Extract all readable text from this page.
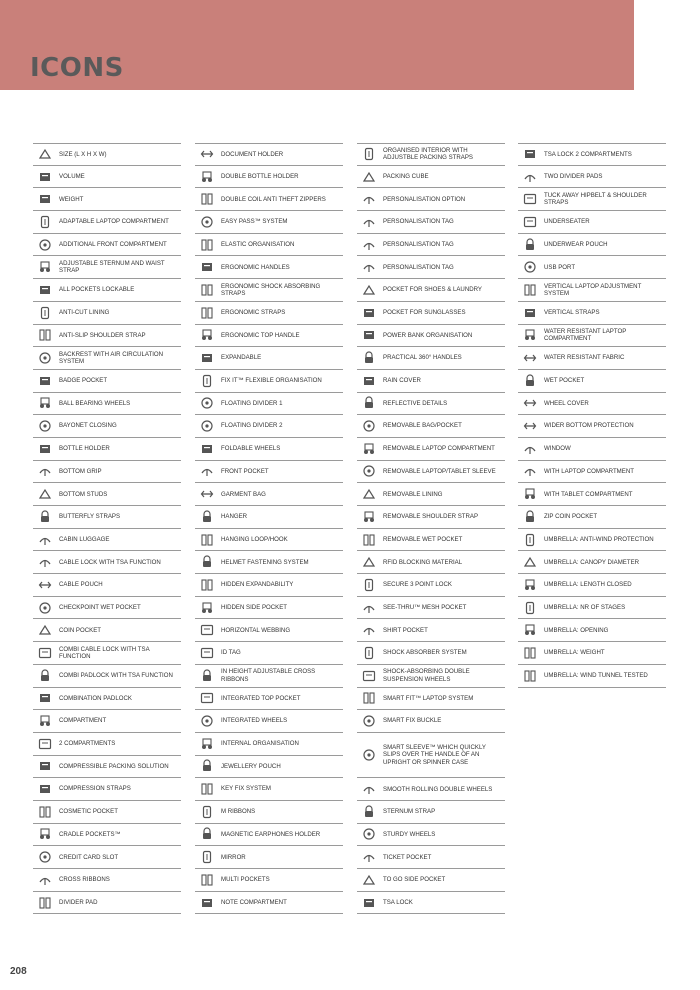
ICONS
SIZE (L X H X W)
VOLUME
WEIGHT
ADAPTABLE LAPTOP COMPARTMENT
ADDITIONAL FRONT COMPARTMENT
ADJUSTABLE STERNUM AND WAIST STRAP
ALL POCKETS LOCKABLE
ANTI-CUT LINING
ANTI-SLIP SHOULDER STRAP
BACKREST WITH AIR CIRCULATION SYSTEM
BADGE POCKET
BALL BEARING WHEELS
BAYONET CLOSING
BOTTLE HOLDER
BOTTOM GRIP
BOTTOM STUDS
BUTTERFLY STRAPS
CABIN LUGGAGE
CABLE LOCK WITH TSA FUNCTION
CABLE POUCH
CHECKPOINT WET POCKET
COIN POCKET
COMBI CABLE LOCK WITH TSA FUNCTION
COMBI PADLOCK WITH TSA FUNCTION
COMBINATION PADLOCK
COMPARTMENT
2 COMPARTMENTS
COMPRESSIBLE PACKING SOLUTION
COMPRESSION STRAPS
COSMETIC POCKET
CRADLE POCKETS™
CREDIT CARD SLOT
CROSS RIBBONS
DIVIDER PAD
DOCUMENT HOLDER
DOUBLE BOTTLE HOLDER
DOUBLE COIL ANTI THEFT ZIPPERS
EASY PASS™ SYSTEM
ELASTIC ORGANISATION
ERGONOMIC HANDLES
ERGONOMIC SHOCK ABSORBING STRAPS
ERGONOMIC STRAPS
ERGONOMIC TOP HANDLE
EXPANDABLE
FIX IT™ FLEXIBLE ORGANISATION
FLOATING DIVIDER 1
FLOATING DIVIDER 2
FOLDABLE WHEELS
FRONT POCKET
GARMENT BAG
HANGER
HANGING LOOP/HOOK
HELMET FASTENING SYSTEM
HIDDEN EXPANDABILITY
HIDDEN SIDE POCKET
HORIZONTAL WEBBING
ID TAG
IN HEIGHT ADJUSTABLE CROSS RIBBONS
INTEGRATED TOP POCKET
INTEGRATED WHEELS
INTERNAL ORGANISATION
JEWELLERY POUCH
KEY FIX SYSTEM
M RIBBONS
MAGNETIC EARPHONES HOLDER
MIRROR
MULTI POCKETS
NOTE COMPARTMENT
ORGANISED INTERIOR WITH ADJUSTBLE PACKING STRAPS
PACKING CUBE
PERSONALISATION OPTION
PERSONALISATION TAG
PERSONALISATION TAG
PERSONALISATION TAG
POCKET FOR SHOES & LAUNDRY
POCKET FOR SUNGLASSES
POWER BANK ORGANISATION
PRACTICAL 360° HANDLES
RAIN COVER
REFLECTIVE DETAILS
REMOVABLE BAG/POCKET
REMOVABLE LAPTOP COMPARTMENT
REMOVABLE LAPTOP/TABLET SLEEVE
REMOVABLE LINING
REMOVABLE SHOULDER STRAP
REMOVABLE WET POCKET
RFID BLOCKING MATERIAL
SECURE 3 POINT LOCK
SEE-THRU™ MESH POCKET
SHIRT POCKET
SHOCK ABSORBER SYSTEM
SHOCK-ABSORBING DOUBLE SUSPENSION WHEELS
SMART FIT™ LAPTOP SYSTEM
SMART FIX BUCKLE
SMART SLEEVE™ WHICH QUICKLY SLIPS OVER THE HANDLE OF AN UPRIGHT OR SPINNER CASE
SMOOTH ROLLING DOUBLE WHEELS
STERNUM STRAP
STURDY WHEELS
TICKET POCKET
TO GO SIDE POCKET
TSA LOCK
TSA LOCK 2 COMPARTMENTS
TWO DIVIDER PADS
TUCK AWAY HIPBELT & SHOULDER STRAPS
UNDERSEATER
UNDERWEAR POUCH
USB PORT
VERTICAL LAPTOP ADJUSTMENT SYSTEM
VERTICAL STRAPS
WATER RESISTANT LAPTOP COMPARTMENT
WATER RESISTANT FABRIC
WET POCKET
WHEEL COVER
WIDER BOTTOM PROTECTION
WINDOW
WITH LAPTOP COMPARTMENT
WITH TABLET COMPARTMENT
ZIP COIN POCKET
UMBRELLA: ANTI-WIND PROTECTION
UMBRELLA: CANOPY DIAMETER
UMBRELLA: LENGTH CLOSED
UMBRELLA: NR OF STAGES
UMBRELLA: OPENING
UMBRELLA: WEIGHT
UMBRELLA: WIND TUNNEL TESTED
208
